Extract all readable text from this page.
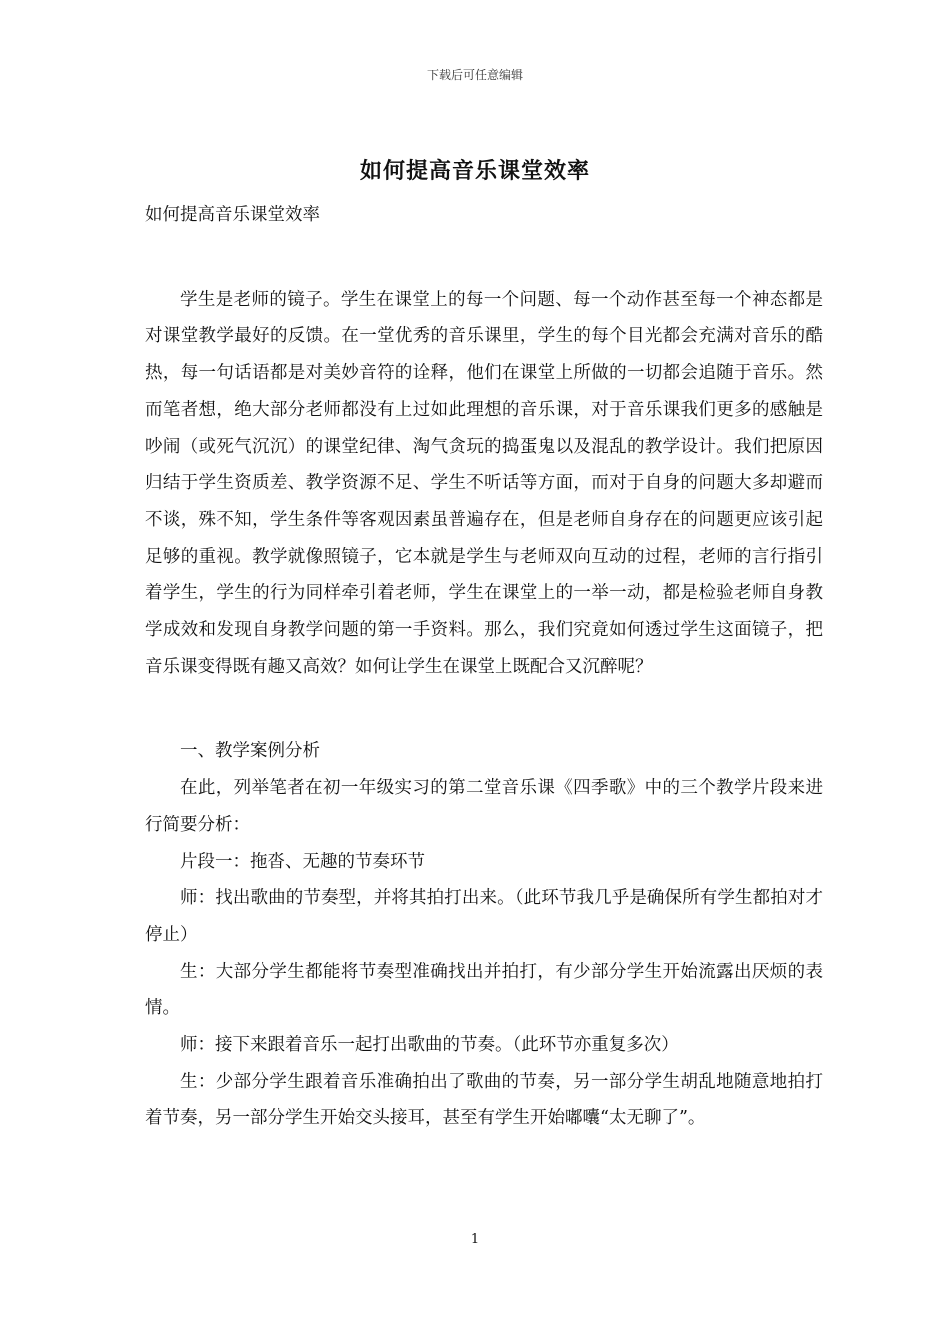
下载后可任意编辑
如何提高音乐课堂效率

如何提高音乐课堂效率

学生是老师的镜子。学生在课堂上的每一个问题、每一个动作甚至每一个神态都是对课堂教学最好的反馈。在一堂优秀的音乐课里，学生的每个目光都会充满对音乐的酷热，每一句话语都是对美妙音符的诠释，他们在课堂上所做的一切都会追随于音乐。然而笔者想，绝大部分老师都没有上过如此理想的音乐课，对于音乐课我们更多的感触是吵闹（或死气沉沉）的课堂纪律、淘气贪玩的捣蛋鬼以及混乱的教学设计。我们把原因归结于学生资质差、教学资源不足、学生不听话等方面，而对于自身的问题大多却避而不谈，殊不知，学生条件等客观因素虽普遍存在，但是老师自身存在的问题更应该引起足够的重视。教学就像照镜子，它本就是学生与老师双向互动的过程，老师的言行指引着学生，学生的行为同样牵引着老师，学生在课堂上的一举一动，都是检验老师自身教学成效和发现自身教学问题的第一手资料。那么，我们究竟如何透过学生这面镜子，把音乐课变得既有趣又高效？如何让学生在课堂上既配合又沉醉呢？

一、教学案例分析

在此，列举笔者在初一年级实习的第二堂音乐课《四季歌》中的三个教学片段来进行简要分析：

片段一：拖沓、无趣的节奏环节

师：找出歌曲的节奏型，并将其拍打出来。（此环节我几乎是确保所有学生都拍对才停止）

生：大部分学生都能将节奏型准确找出并拍打，有少部分学生开始流露出厌烦的表情。

师：接下来跟着音乐一起打出歌曲的节奏。（此环节亦重复多次）

生：少部分学生跟着音乐准确拍出了歌曲的节奏，另一部分学生胡乱地随意地拍打着节奏，另一部分学生开始交头接耳，甚至有学生开始嘟囔“太无聊了”。

1
